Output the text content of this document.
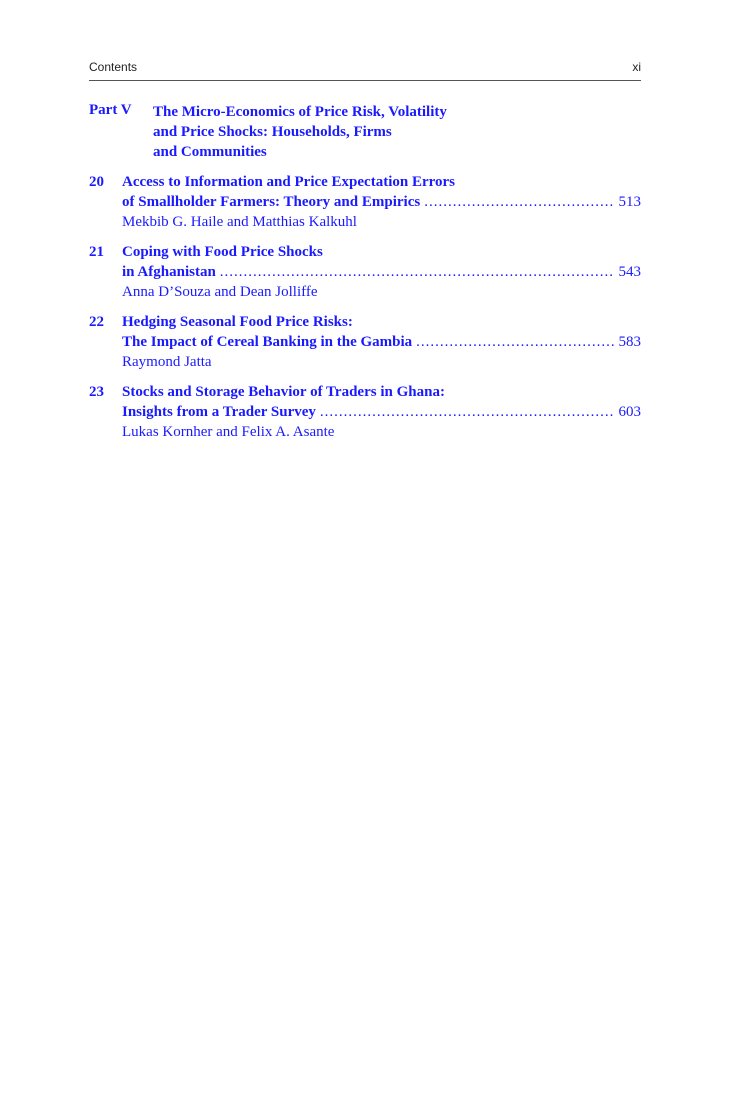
Contents	xi
Part V The Micro-Economics of Price Risk, Volatility
and Price Shocks: Households, Firms
and Communities
20 Access to Information and Price Expectation Errors
of Smallholder Farmers: Theory and Empirics .....	513
Mekbib G. Haile and Matthias Kalkuhl
21 Coping with Food Price Shocks
in Afghanistan .....	543
Anna D’Souza and Dean Jolliffe
22 Hedging Seasonal Food Price Risks:
The Impact of Cereal Banking in the Gambia .....	583
Raymond Jatta
23 Stocks and Storage Behavior of Traders in Ghana:
Insights from a Trader Survey .....	603
Lukas Kornher and Felix A. Asante
